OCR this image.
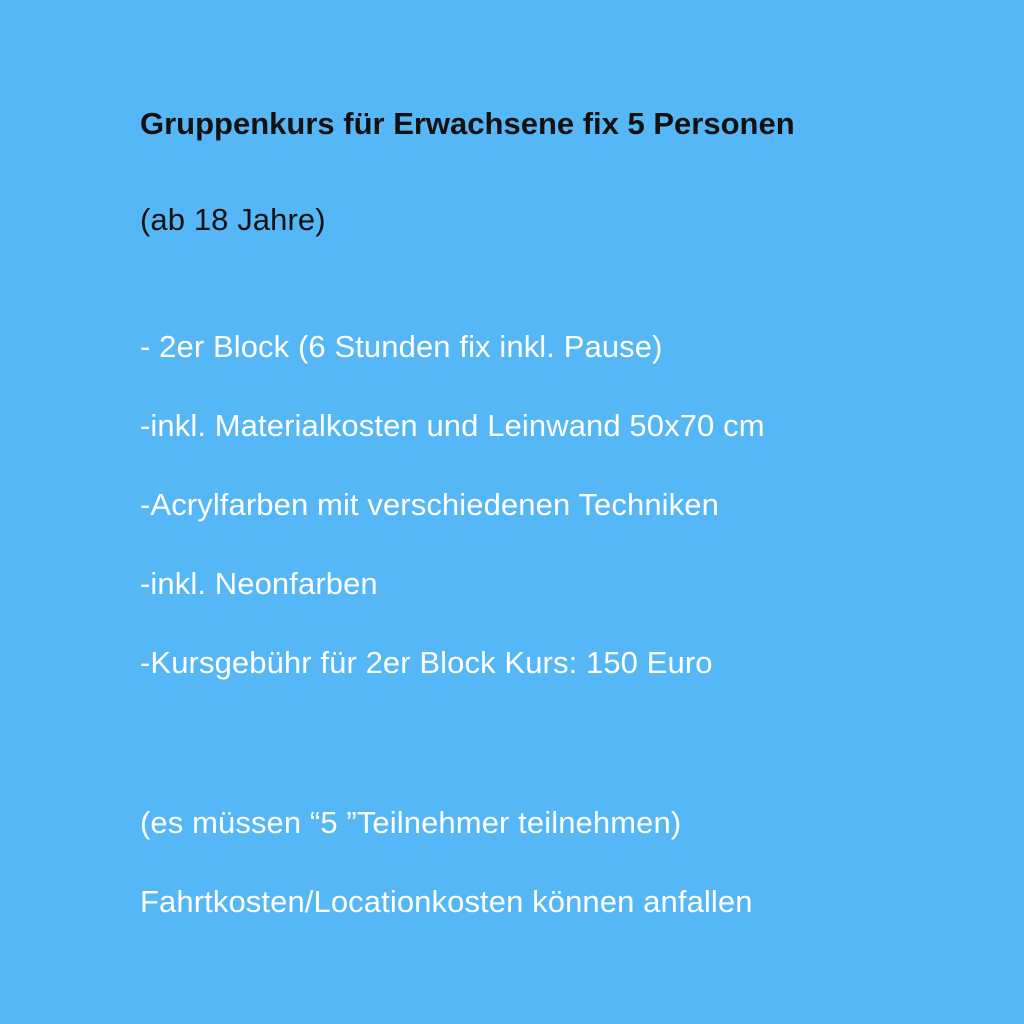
Gruppenkurs für Erwachsene fix 5 Personen
(ab 18 Jahre)
- 2er Block (6 Stunden fix inkl. Pause)
-inkl. Materialkosten und Leinwand 50x70 cm
-Acrylfarben mit verschiedenen Techniken
-inkl. Neonfarben
-Kursgebühr für 2er Block Kurs: 150 Euro
(es müssen “5 ”Teilnehmer teilnehmen)
Fahrtkosten/Locationkosten können anfallen
